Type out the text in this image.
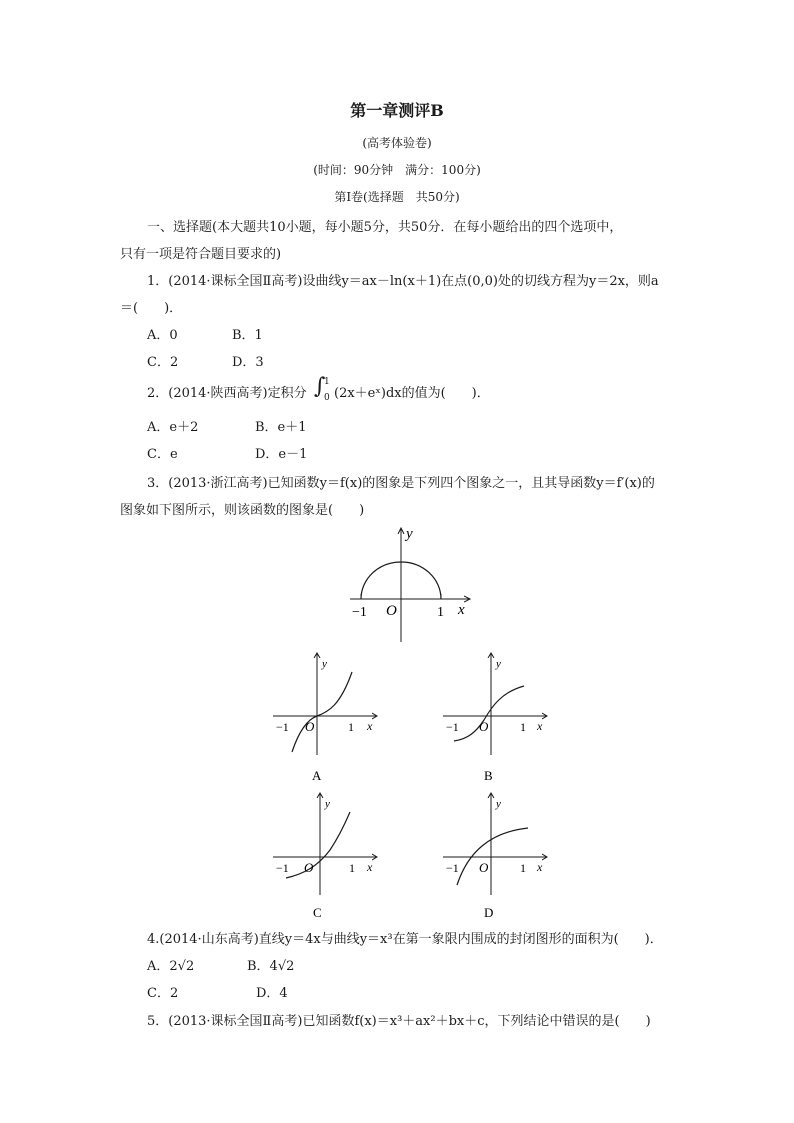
第一章测评B
(高考体验卷)
(时间：90分钟　满分：100分)
第Ⅰ卷(选择题　共50分)
一、选择题(本大题共10小题，每小题5分，共50分．在每小题给出的四个选项中，
只有一项是符合题目要求的)
1．(2014·课标全国Ⅱ高考)设曲线y＝ax－ln(x＋1)在点(0,0)处的切线方程为y＝2x，则a
＝(　　)．
A．0	B．1
C．2	D．3
2．(2014·陕西高考)定积分 ∫
1
0 (2x＋eˣ)dx的值为(　　)．
A．e＋2	B．e＋1
C．e	D．e－1
3．(2013·浙江高考)已知函数y＝f(x)的图象是下列四个图象之一，且其导函数y＝f′(x)的
图象如下图所示，则该函数的图象是(　　)
y
x
O
−1	1
y
x
O
−1	1
A
y
x
O
−1	1
B
y
x
O
−1	1
C
y
x
O
−1	1
D
4.(2014·山东高考)直线y＝4x与曲线y＝x³在第一象限内围成的封闭图形的面积为(　　)．
A．2√2	B．4√2
C．2	D．4
5．(2013·课标全国Ⅱ高考)已知函数f(x)＝x³＋ax²＋bx＋c，下列结论中错误的是(　　)
